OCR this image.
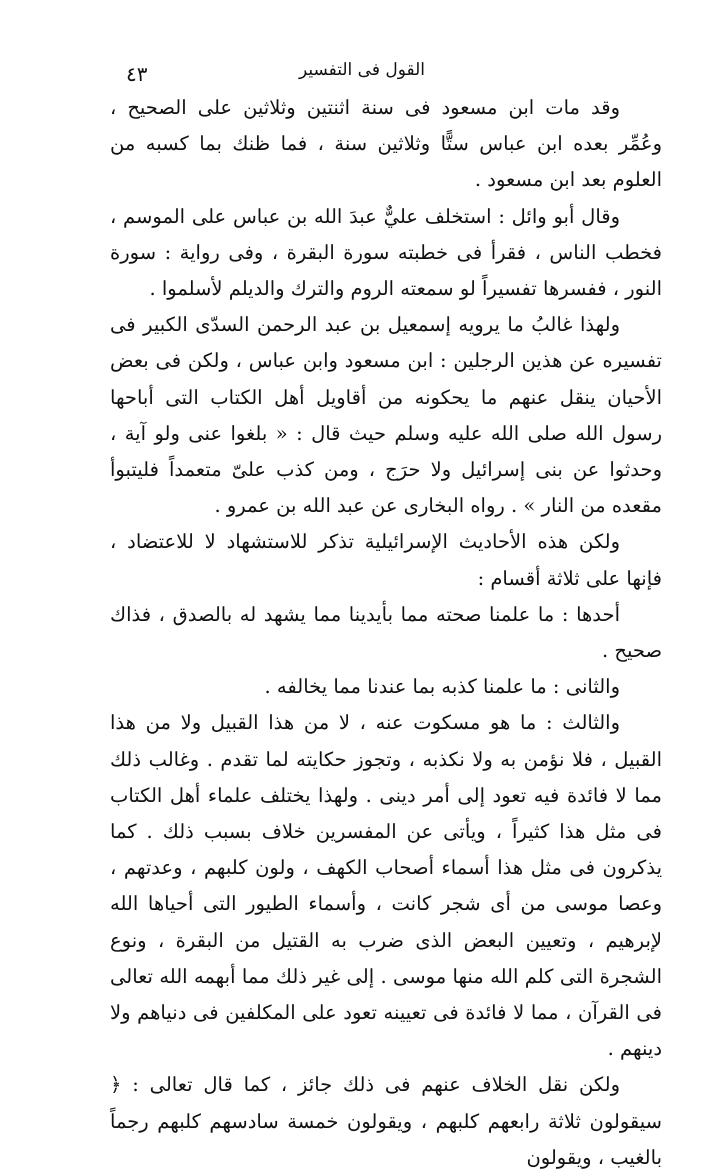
القول فى التفسير
٤٣

وقد مات ابن مسعود فى سنة اثنتين وثلاثين على الصحيح ، وعُمِّر بعده ابن عباس ستًّا وثلاثين سنة ، فما ظنك بما كسبه من العلوم بعد ابن مسعود .

وقال أبو وائل : استخلف عليٌّ عبدَ الله بن عباس على الموسم ، فخطب الناس ، فقرأ فى خطبته سورة البقرة ، وفى رواية : سورة النور ، ففسرها تفسيراً لو سمعته الروم والترك والديلم لأسلموا .

ولهذا غالبُ ما يرويه إسمعيل بن عبد الرحمن السدّى الكبير فى تفسيره عن هذين الرجلين : ابن مسعود وابن عباس ، ولكن فى بعض الأحيان ينقل عنهم ما يحكونه من أقاويل أهل الكتاب التى أباحها رسول الله صلى الله عليه وسلم حيث قال : « بلغوا عنى ولو آية ، وحدثوا عن بنى إسرائيل ولا حرَج ، ومن كذب علىّ متعمداً فليتبوأ مقعده من النار » . رواه البخارى عن عبد الله بن عمرو .

ولكن هذه الأحاديث الإسرائيلية تذكر للاستشهاد لا للاعتضاد ، فإنها على ثلاثة أقسام :

أحدها : ما علمنا صحته مما بأيدينا مما يشهد له بالصدق ، فذاك صحيح .

والثانى : ما علمنا كذبه بما عندنا مما يخالفه .

والثالث : ما هو مسكوت عنه ، لا من هذا القبيل ولا من هذا القبيل ، فلا نؤمن به ولا نكذبه ، وتجوز حكايته لما تقدم . وغالب ذلك مما لا فائدة فيه تعود إلى أمر دينى . ولهذا يختلف علماء أهل الكتاب فى مثل هذا كثيراً ، ويأتى عن المفسرين خلاف بسبب ذلك . كما يذكرون فى مثل هذا أسماء أصحاب الكهف ، ولون كلبهم ، وعدتهم ، وعصا موسى من أى شجر كانت ، وأسماء الطيور التى أحياها الله لإبرهيم ، وتعيين البعض الذى ضرب به القتيل من البقرة ، ونوع الشجرة التى كلم الله منها موسى . إلى غير ذلك مما أبهمه الله تعالى فى القرآن ، مما لا فائدة فى تعيينه تعود على المكلفين فى دنياهم ولا دينهم .

ولكن نقل الخلاف عنهم فى ذلك جائز ، كما قال تعالى : ﴿ سيقولون ثلاثة رابعهم كلبهم ، ويقولون خمسة سادسهم كلبهم رجماً بالغيب ، ويقولون
